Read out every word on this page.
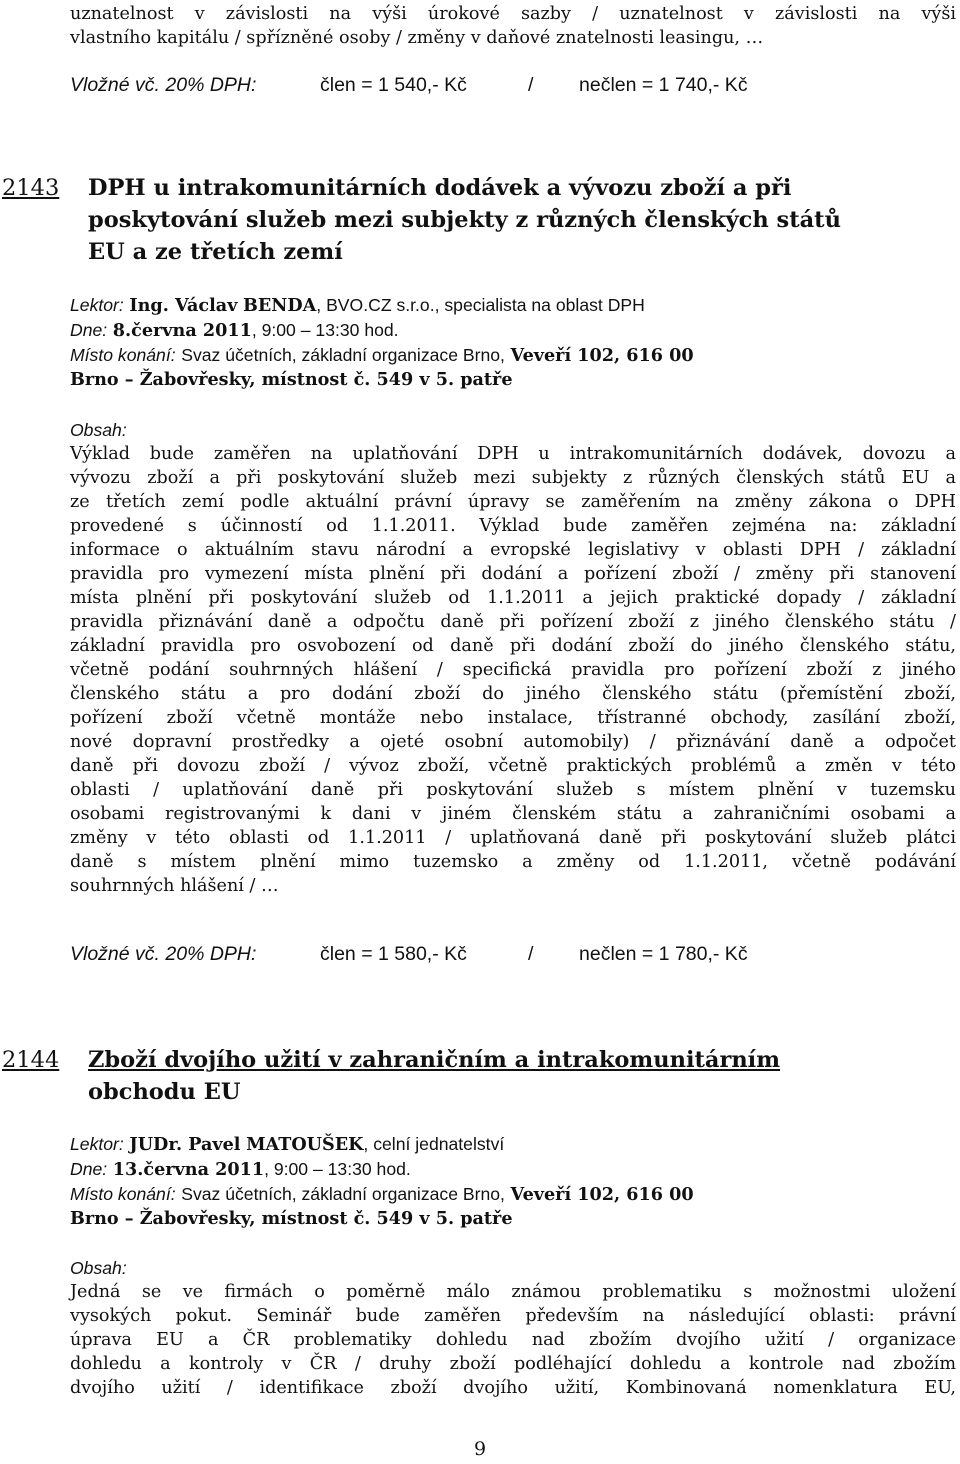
uznatelnost v závislosti na výši úrokové sazby / uznatelnost v závislosti na výši
vlastního kapitálu / spřízněné osoby / změny v daňové znatelnosti leasingu, …
Vložné vč. 20% DPH:	člen = 1 540,- Kč	/ nečlen = 1 740,- Kč
2143 DPH u intrakomunitárních dodávek a vývozu zboží a při
poskytování služeb mezi subjekty z různých členských států
EU a ze třetích zemí
Lektor: Ing. Václav BENDA, BVO.CZ s.r.o., specialista na oblast DPH
Dne: 8.června 2011, 9:00 – 13:30 hod.
Místo konání: Svaz účetních, základní organizace Brno, Veveří 102, 616 00
Brno – Žabovřesky, místnost č. 549 v 5. patře
Obsah:
Výklad bude zaměřen na uplatňování DPH u intrakomunitárních dodávek, dovozu a
vývozu zboží a při poskytování služeb mezi subjekty z různých členských států EU a
ze třetích zemí podle aktuální právní úpravy se zaměřením na změny zákona o DPH
provedené s účinností od 1.1.2011. Výklad bude zaměřen zejména na: základní
informace o aktuálním stavu národní a evropské legislativy v oblasti DPH / základní
pravidla pro vymezení místa plnění při dodání a pořízení zboží / změny při stanovení
místa plnění při poskytování služeb od 1.1.2011 a jejich praktické dopady / základní
pravidla přiznávání daně a odpočtu daně při pořízení zboží z jiného členského státu /
základní pravidla pro osvobození od daně při dodání zboží do jiného členského státu,
včetně podání souhrnných hlášení / specifická pravidla pro pořízení zboží z jiného
členského státu a pro dodání zboží do jiného členského státu (přemístění zboží,
pořízení zboží včetně montáže nebo instalace, třístranné obchody, zasílání zboží,
nové dopravní prostředky a ojeté osobní automobily) / přiznávání daně a odpočet
daně při dovozu zboží / vývoz zboží, včetně praktických problémů a změn v této
oblasti / uplatňování daně při poskytování služeb s místem plnění v tuzemsku
osobami registrovanými k dani v jiném členském státu a zahraničními osobami a
změny v této oblasti od 1.1.2011 / uplatňovaná daně při poskytování služeb plátci
daně s místem plnění mimo tuzemsko a změny od 1.1.2011, včetně podávání
souhrnných hlášení / …
Vložné vč. 20% DPH:	člen = 1 580,- Kč	/ nečlen = 1 780,- Kč
2144 Zboží dvojího užití v zahraničním a intrakomunitárním
obchodu EU
Lektor: JUDr. Pavel MATOUŠEK, celní jednatelství
Dne: 13.června 2011, 9:00 – 13:30 hod.
Místo konání: Svaz účetních, základní organizace Brno, Veveří 102, 616 00
Brno – Žabovřesky, místnost č. 549 v 5. patře
Obsah:
Jedná se ve firmách o poměrně málo známou problematiku s možnostmi uložení
vysokých pokut. Seminář bude zaměřen především na následující oblasti: právní
úprava EU a ČR problematiky dohledu nad zbožím dvojího užití / organizace
dohledu a kontroly v ČR / druhy zboží podléhající dohledu a kontrole nad zbožím
dvojího užití / identifikace zboží dvojího užití, Kombinovaná nomenklatura EU,
9
